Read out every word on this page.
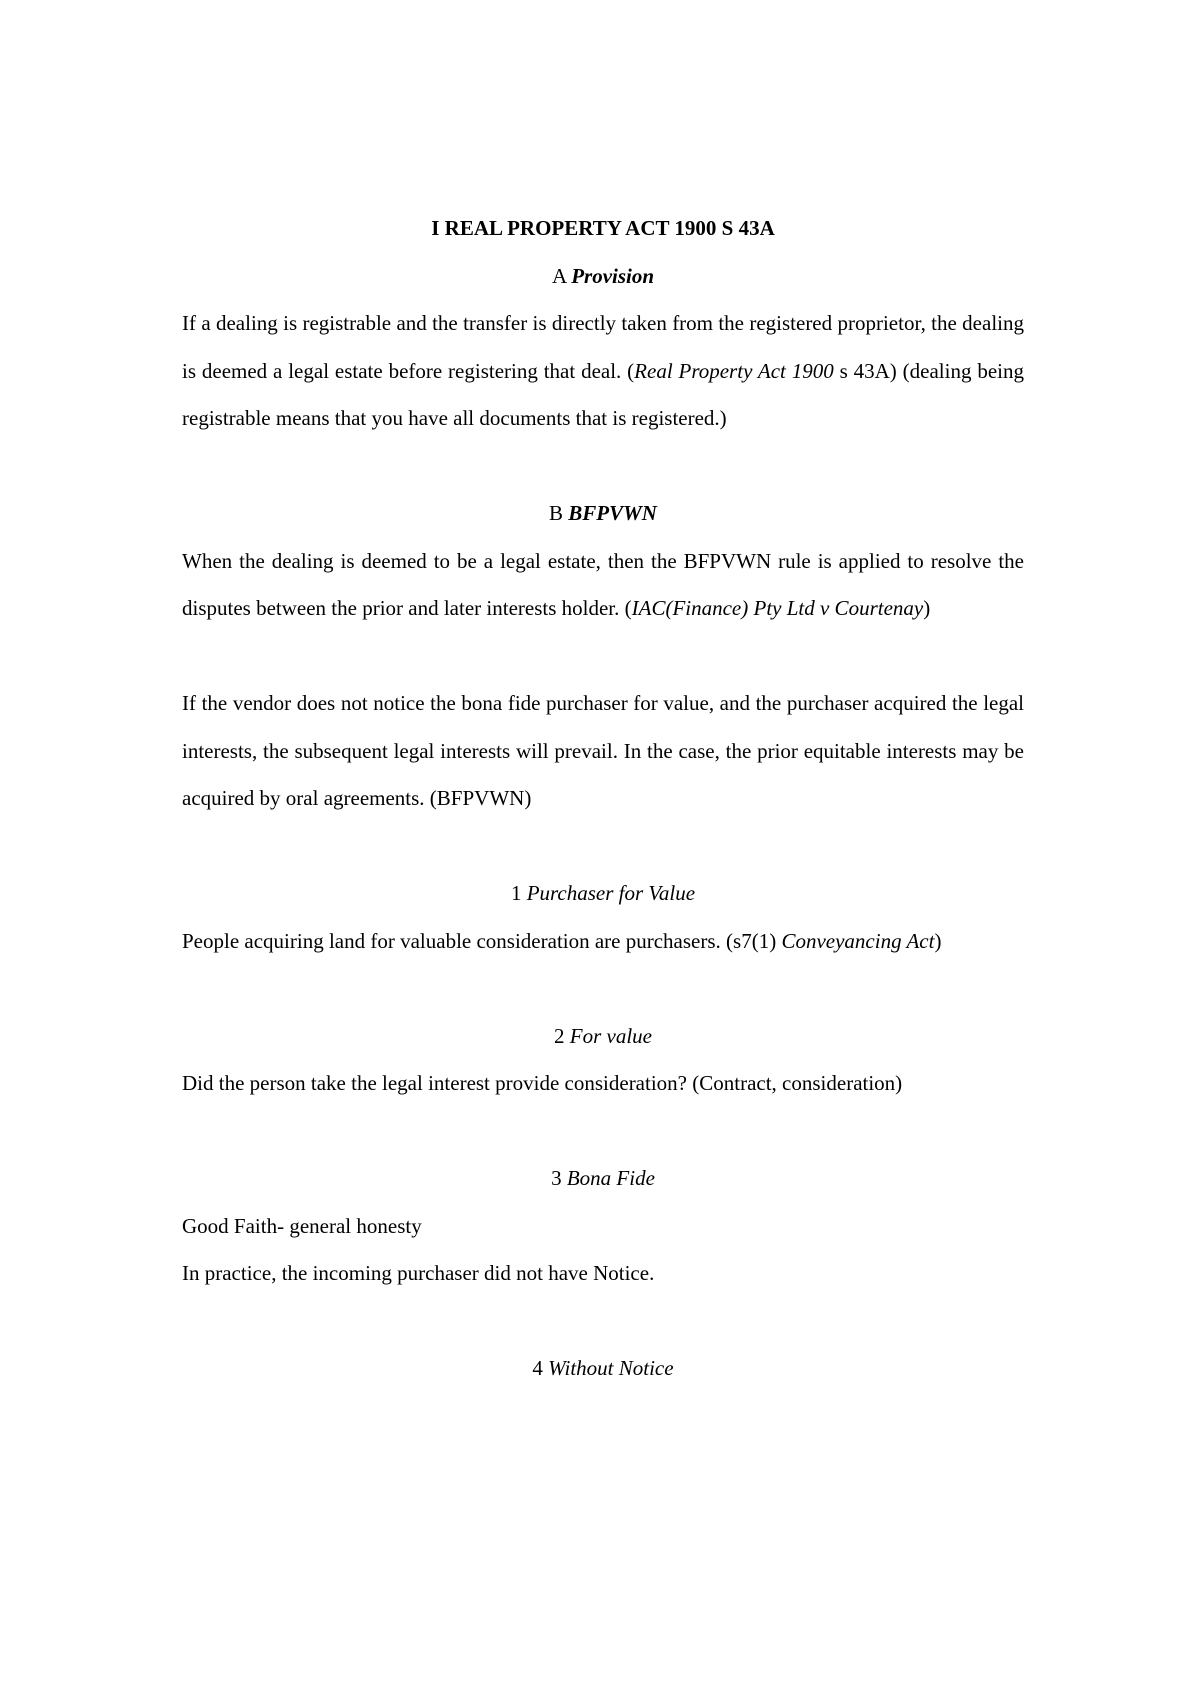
I REAL PROPERTY ACT 1900 S 43A
A Provision

If a dealing is registrable and the transfer is directly taken from the registered proprietor, the dealing is deemed a legal estate before registering that deal. (Real Property Act 1900 s 43A) (dealing being registrable means that you have all documents that is registered.)

B BFPVWN

When the dealing is deemed to be a legal estate, then the BFPVWN rule is applied to resolve the disputes between the prior and later interests holder. (IAC(Finance) Pty Ltd v Courtenay)

If the vendor does not notice the bona fide purchaser for value, and the purchaser acquired the legal interests, the subsequent legal interests will prevail. In the case, the prior equitable interests may be acquired by oral agreements. (BFPVWN)

1 Purchaser for Value

People acquiring land for valuable consideration are purchasers. (s7(1) Conveyancing Act)

2 For value

Did the person take the legal interest provide consideration? (Contract, consideration)

3 Bona Fide

Good Faith- general honesty

In practice, the incoming purchaser did not have Notice.

4 Without Notice
